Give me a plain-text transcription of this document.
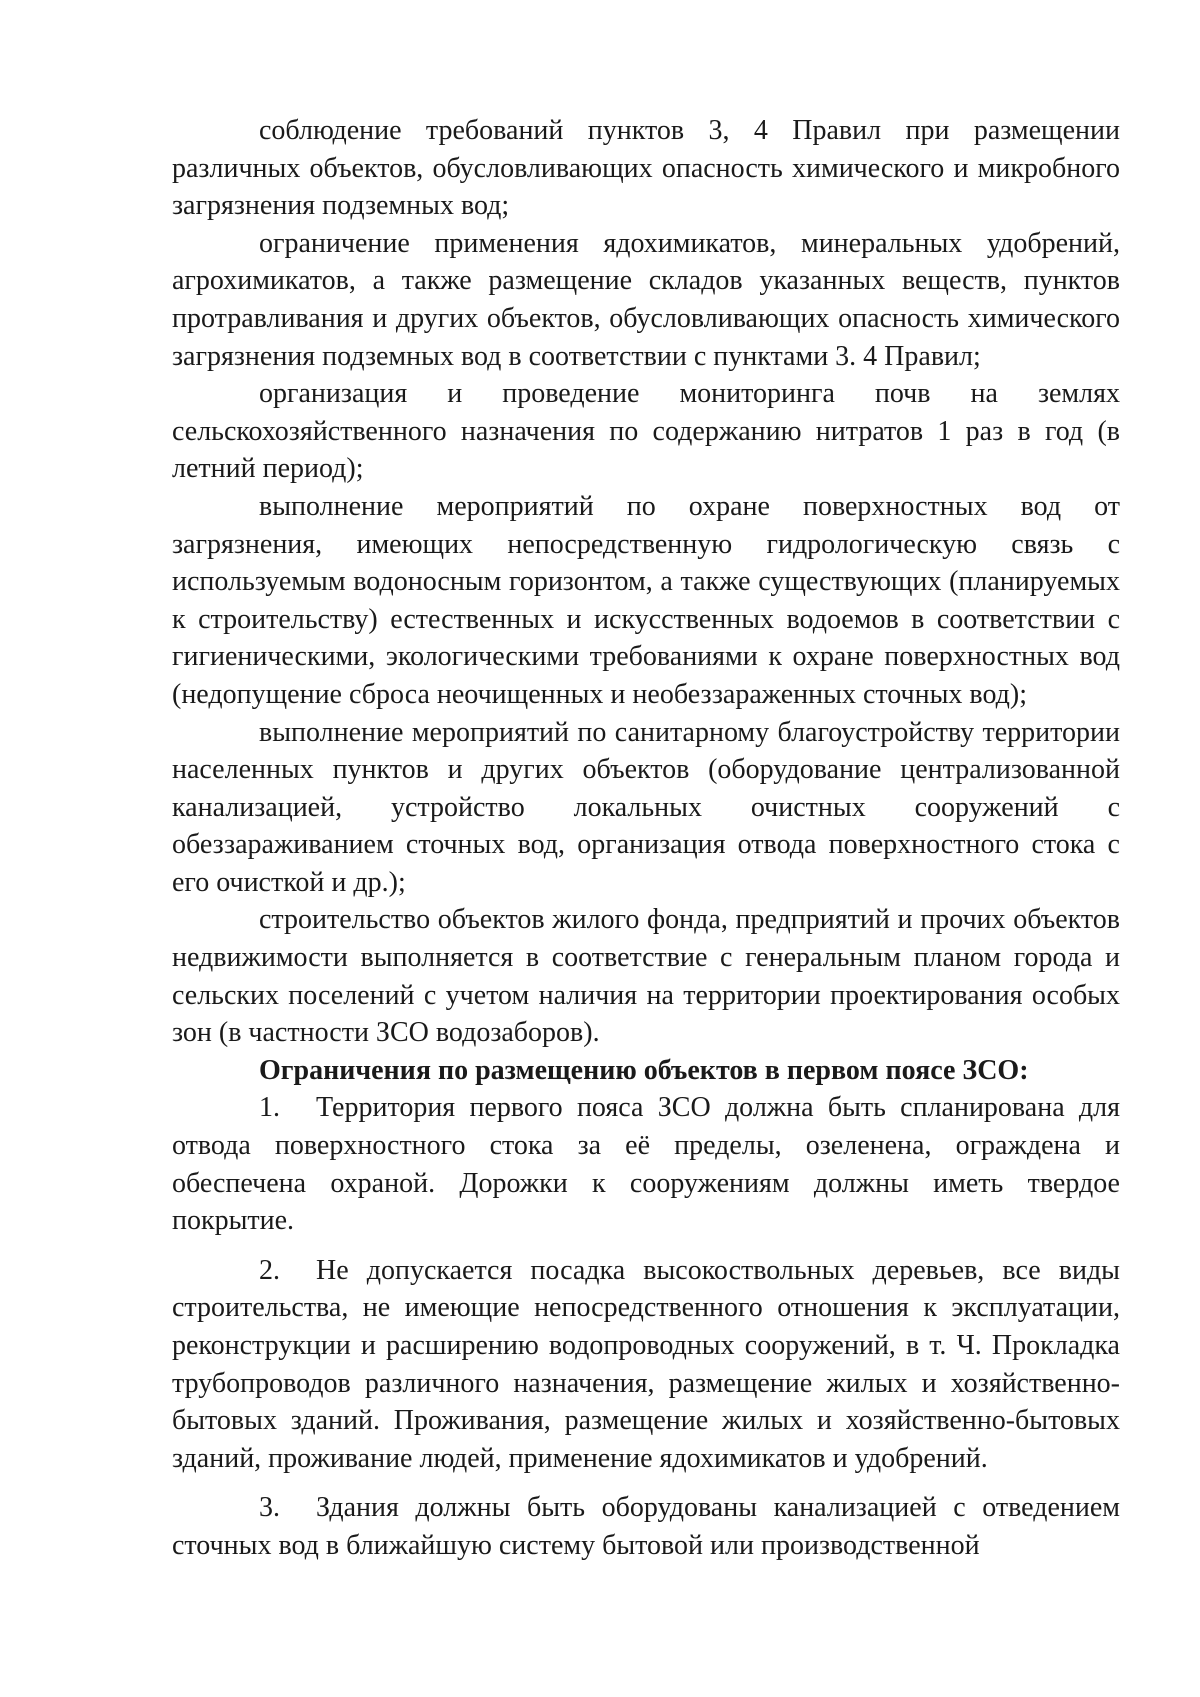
соблюдение требований пунктов 3, 4 Правил при размещении различных объектов, обусловливающих опасность химического и микробного загрязнения подземных вод;

ограничение применения ядохимикатов, минеральных удобрений, агрохимикатов, а также размещение складов указанных веществ, пунктов протравливания и других объектов, обусловливающих опасность химического загрязнения подземных вод в соответствии с пунктами 3. 4 Правил;

организация и проведение мониторинга почв на землях сельскохозяйственного назначения по содержанию нитратов 1 раз в год (в летний период);

выполнение мероприятий по охране поверхностных вод от загрязнения, имеющих непосредственную гидрологическую связь с используемым водоносным горизонтом, а также существующих (планируемых к строительству) естественных и искусственных водоемов в соответствии с гигиеническими, экологическими требованиями к охране поверхностных вод (недопущение сброса неочищенных и необеззараженных сточных вод);

выполнение мероприятий по санитарному благоустройству территории населенных пунктов и других объектов (оборудование централизованной канализацией, устройство локальных очистных сооружений с обеззараживанием сточных вод, организация отвода поверхностного стока с его очисткой и др.);

строительство объектов жилого фонда, предприятий и прочих объектов недвижимости выполняется в соответствие с генеральным планом города и сельских поселений с учетом наличия на территории проектирования особых зон (в частности ЗСО водозаборов).

Ограничения по размещению объектов в первом поясе ЗСО:

1. Территория первого пояса ЗСО должна быть спланирована для отвода поверхностного стока за её пределы, озеленена, ограждена и обеспечена охраной. Дорожки к сооружениям должны иметь твердое покрытие.

2. Не допускается посадка высокоствольных деревьев, все виды строительства, не имеющие непосредственного отношения к эксплуатации, реконструкции и расширению водопроводных сооружений, в т. Ч. Прокладка трубопроводов различного назначения, размещение жилых и хозяйственно-бытовых зданий. Проживания, размещение жилых и хозяйственно-бытовых зданий, проживание людей, применение ядохимикатов и удобрений.

3. Здания должны быть оборудованы канализацией с отведением сточных вод в ближайшую систему бытовой или производственной
